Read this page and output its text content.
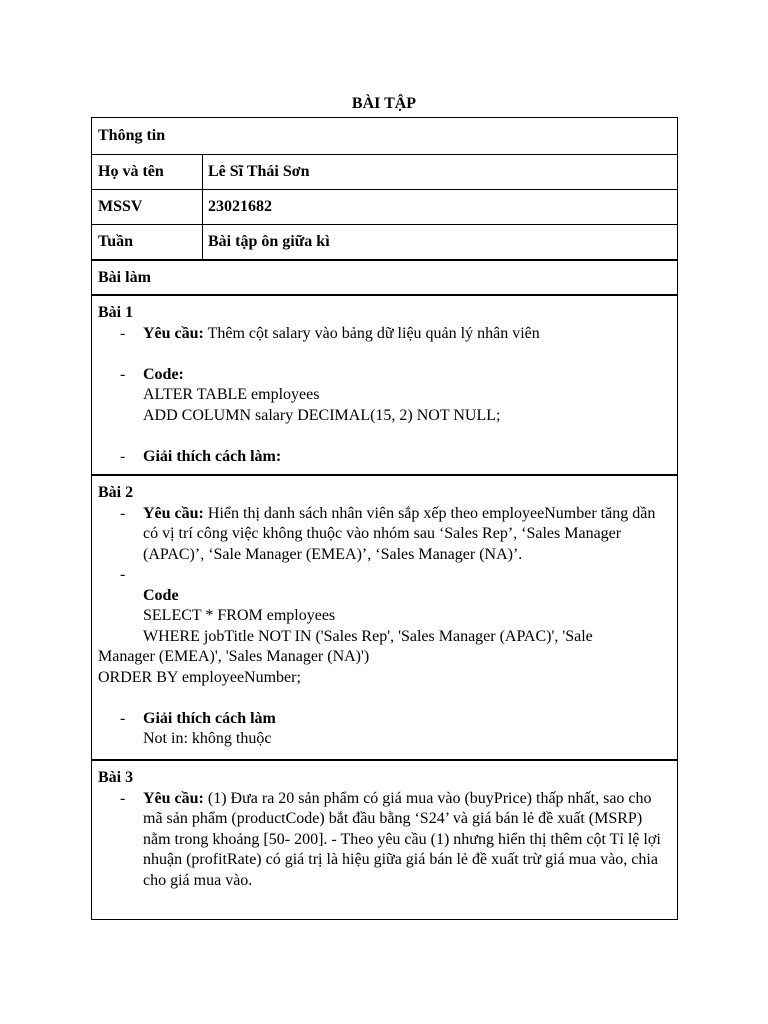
BÀI TẬP
Thông tin
Họ và tên	Lê Sĩ Thái Sơn
MSSV	23021682
Tuần	Bài tập ôn giữa kì
Bài làm
Bài 1
- Yêu cầu: Thêm cột salary vào bảng dữ liệu quản lý nhân viên
- Code:
ALTER TABLE employees
ADD COLUMN salary DECIMAL(15, 2) NOT NULL;
- Giải thích cách làm:
Bài 2
- Yêu cầu: Hiển thị danh sách nhân viên sắp xếp theo employeeNumber tăng dần có vị trí công việc không thuộc vào nhóm sau ‘Sales Rep’, ‘Sales Manager (APAC)’, ‘Sale Manager (EMEA)’, ‘Sales Manager (NA)’.
-

Code
SELECT * FROM employees
WHERE jobTitle NOT IN ('Sales Rep', 'Sales Manager (APAC)', 'Sale
Manager (EMEA)', 'Sales Manager (NA)')
ORDER BY employeeNumber;
- Giải thích cách làm
Not in: không thuộc
Bài 3
- Yêu cầu: (1) Đưa ra 20 sản phẩm có giá mua vào (buyPrice) thấp nhất, sao cho mã sản phẩm (productCode) bắt đầu bằng ‘S24’ và giá bán lẻ đề xuất (MSRP) nằm trong khoảng [50- 200]. - Theo yêu cầu (1) nhưng hiển thị thêm cột Tỉ lệ lợi nhuận (profitRate) có giá trị là hiệu giữa giá bán lẻ đề xuất trừ giá mua vào, chia cho giá mua vào.
